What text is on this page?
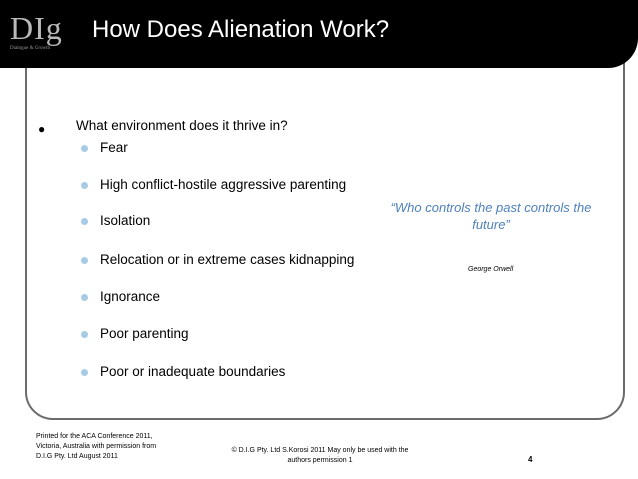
DIg
Dialogue & Growth
How Does Alienation Work?
● What environment does it thrive in?
Fear
High conflict-hostile aggressive parenting
Isolation
Relocation or in extreme cases kidnapping
Ignorance
Poor parenting
Poor or inadequate boundaries

“Who controls the past controls the future”

George Orwell
Printed for the ACA Conference 2011,
Victoria, Australia with permission from
D.I.G Pty. Ltd August 2011
© D.I.G Pty. Ltd S.Korosi 2011 May only be used with the
authors permission 1	4
